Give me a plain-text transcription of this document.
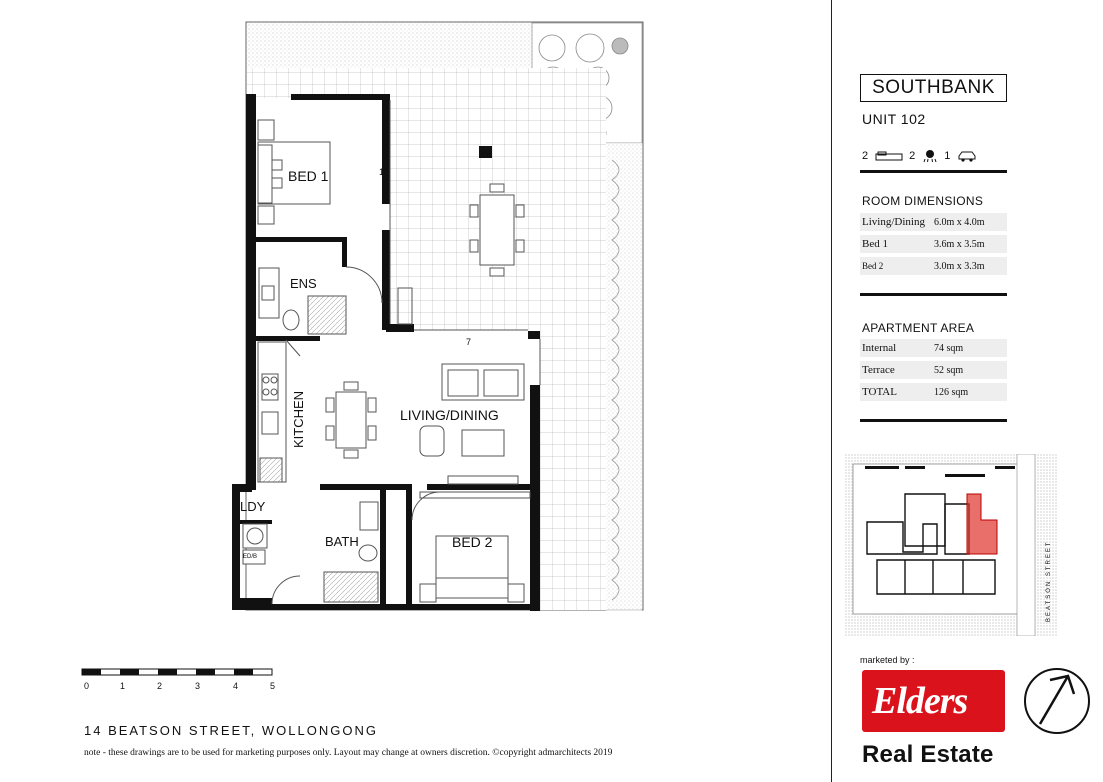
BED 1
ENS
KITCHEN	LIVING/DINING
LDY
BATH	BED 2
ED/B
1
7
0	1	2	3	4	5
14 BEATSON STREET, WOLLONGONG
note - these drawings are to be used for marketing purposes only. Layout may change at owners discretion. ©copyright admarchitects 2019
SOUTHBANK
UNIT 102
2	2	1
ROOM DIMENSIONS
Living/Dining 6.0m x 4.0m
Bed 1	3.6m x 3.5m
Bed 2	3.0m x 3.3m
APARTMENT AREA
Internal	74 sqm
Terrace	52 sqm
TOTAL	126 sqm
BEATSON STREET
marketed by :
Elders
Real Estate
